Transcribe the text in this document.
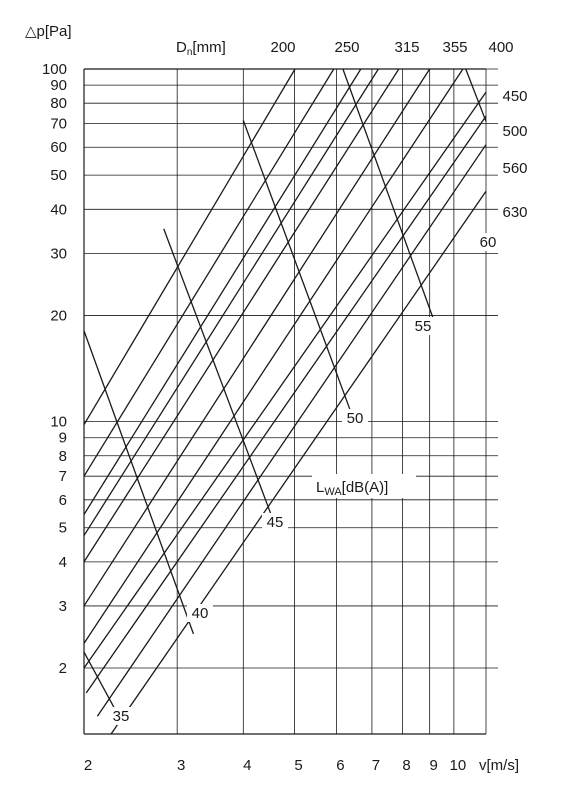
2
3
4
5
6
7
8
9
10
20
30
40
50
60
70
80
90
100
2	3	4	5 6 7 8 9 10
△p[Pa]
v[m/s]
$D_n[mm]$	200	250 315 355 400
450
500
560
630
35
40
45
50
55
60
$L_{WA}[dB(A)]$
